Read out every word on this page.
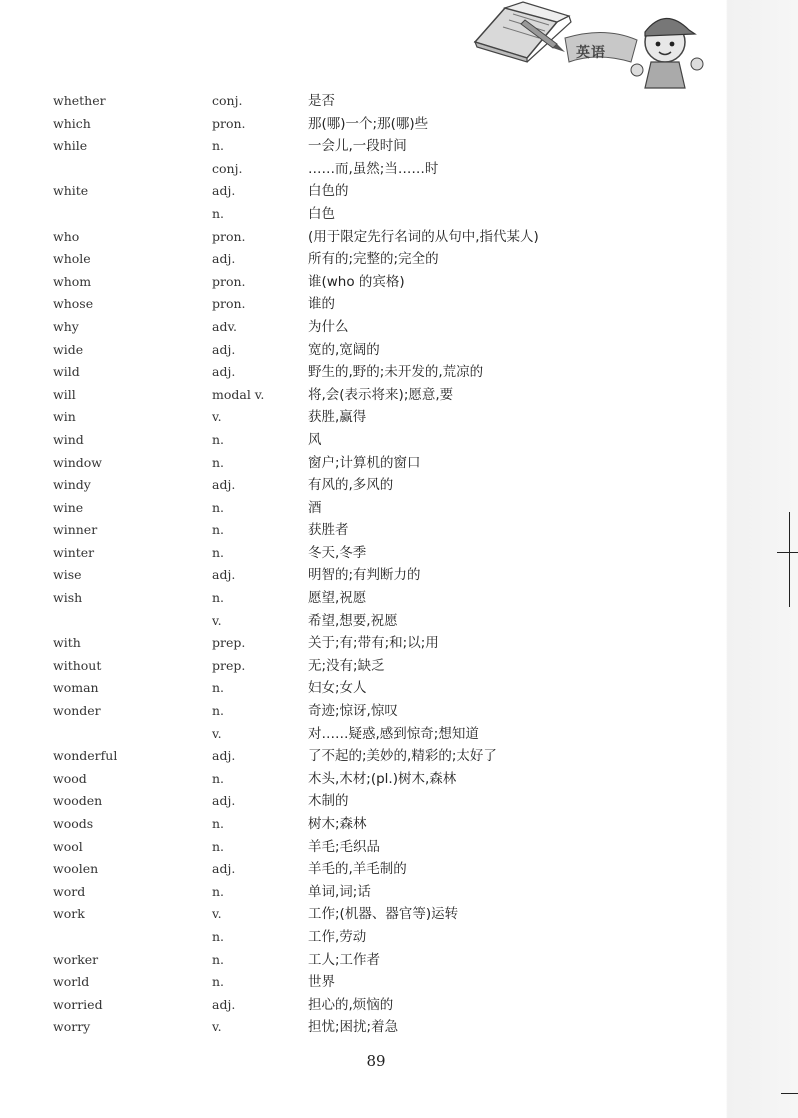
英语
whether	conj.	是否
which	pron.	那(哪)一个;那(哪)些
while	n.	一会儿,一段时间
conj.	……而,虽然;当……时
white	adj.	白色的
n.	白色
who	pron.	(用于限定先行名词的从句中,指代某人)
whole	adj.	所有的;完整的;完全的
whom	pron.	谁(who 的宾格)
whose	pron.	谁的
why	adv.	为什么
wide	adj.	宽的,宽阔的
wild	adj.	野生的,野的;未开发的,荒凉的
will	modal v.	将,会(表示将来);愿意,要
win	v.	获胜,赢得
wind	n.	风
window	n.	窗户;计算机的窗口
windy	adj.	有风的,多风的
wine	n.	酒
winner	n.	获胜者
winter	n.	冬天,冬季
wise	adj.	明智的;有判断力的
wish	n.	愿望,祝愿
v.	希望,想要,祝愿
with	prep.	关于;有;带有;和;以;用
without	prep.	无;没有;缺乏
woman	n.	妇女;女人
wonder	n.	奇迹;惊讶,惊叹
v.	对……疑惑,感到惊奇;想知道
wonderful	adj.	了不起的;美妙的,精彩的;太好了
wood	n.	木头,木材;(pl.)树木,森林
wooden	adj.	木制的
woods	n.	树木;森林
wool	n.	羊毛;毛织品
woolen	adj.	羊毛的,羊毛制的
word	n.	单词,词;话
work	v.	工作;(机器、器官等)运转
n.	工作,劳动
worker	n.	工人;工作者
world	n.	世界
worried	adj.	担心的,烦恼的
worry	v.	担忧;困扰;着急
89
